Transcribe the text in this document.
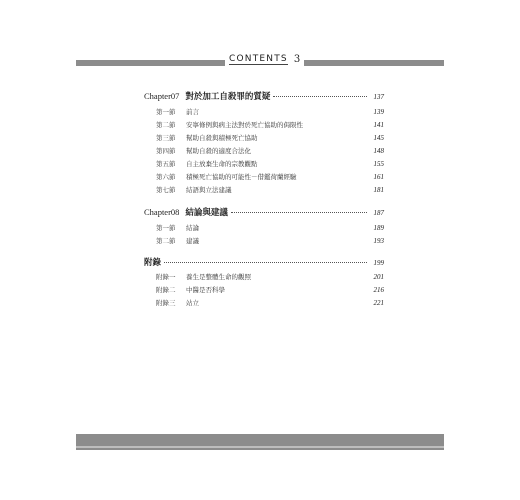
CONTENTS 3
Chapter07 對於加工自殺罪的質疑	137
第一節	前言	139
第二節	安寧條例與病主法對於死亡協助的侷限性	141
第三節	幫助自殺與積極死亡協助	145
第四節	幫助自殺的適度合法化	148
第五節	自主放棄生命的宗教觀點	155
第六節	積極死亡協助的可能性－借鑑荷蘭經驗	161
第七節	結語與立法建議	181
Chapter08 結論與建議	187
第一節	結論	189
第二節	建議	193
附錄	199
附錄一	養生是整體生命的觀照	201
附錄二	中醫是否科學	216
附錄三	站立	221
